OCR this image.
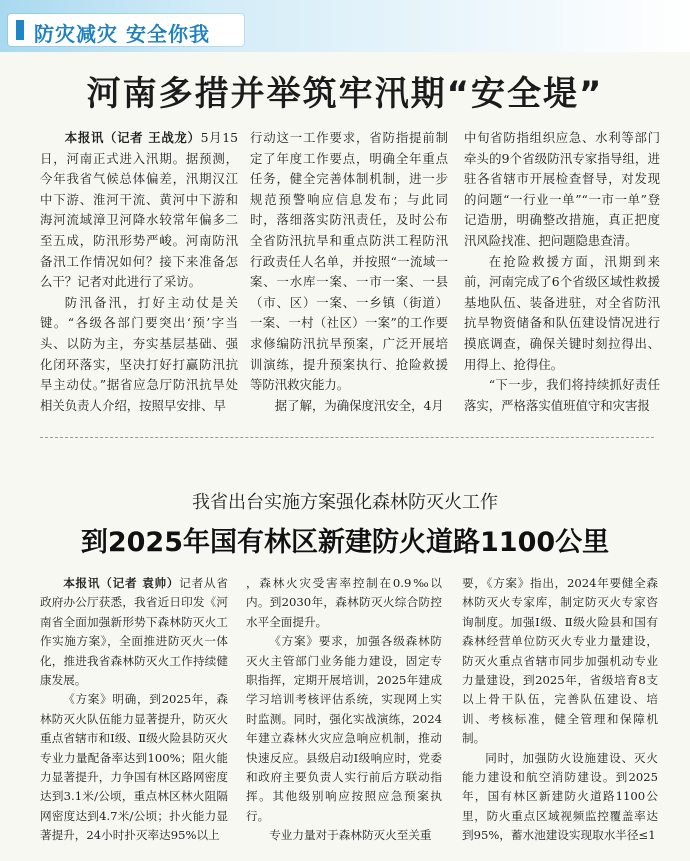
防灾减灾 安全你我
河南多措并举筑牢汛期“安全堤”

本报讯（记者 王战龙）5月15日，河南正式进入汛期。据预测，今年我省气候总体偏差，汛期汉江中下游、淮河干流、黄河中下游和海河流域漳卫河降水较常年偏多二至五成，防汛形势严峻。河南防汛备汛工作情况如何？接下来准备怎么干？记者对此进行了采访。

防汛备汛，打好主动仗是关键。“各级各部门要突出‘预’字当头、以防为主，夯实基层基础、强化闭环落实，坚决打好打赢防汛抗旱主动仗。”据省应急厅防汛抗旱处相关负责人介绍，按照早安排、早

行动这一工作要求，省防指提前制定了年度工作要点，明确全年重点任务，健全完善体制机制，进一步规范预警响应信息发布；与此同时，落细落实防汛责任，及时公布全省防汛抗旱和重点防洪工程防汛行政责任人名单，并按照“一流域一案、一水库一案、一市一案、一县（市、区）一案、一乡镇（街道）一案、一村（社区）一案”的工作要求修编防汛抗旱预案，广泛开展培训演练，提升预案执行、抢险救援等防汛救灾能力。

据了解，为确保度汛安全，4月

中旬省防指组织应急、水利等部门牵头的9个省级防汛专家指导组，进驻各省辖市开展检查督导，对发现的问题“一行业一单”“一市一单”登记造册，明确整改措施，真正把度汛风险找准、把问题隐患查清。

在抢险救援方面，汛期到来前，河南完成了6个省级区域性救援基地队伍、装备进驻，对全省防汛抗旱物资储备和队伍建设情况进行摸底调查，确保关键时刻拉得出、用得上、抢得住。

“下一步，我们将持续抓好责任落实，严格落实值班值守和灾害报

我省出台实施方案强化森林防灭火工作
到2025年国有林区新建防火道路1100公里

本报讯（记者 袁帅）记者从省政府办公厅获悉，我省近日印发《河南省全面加强新形势下森林防灭火工作实施方案》，全面推进防灭火一体化，推进我省森林防灭火工作持续健康发展。

《方案》明确，到2025年，森林防灭火队伍能力显著提升，防灭火重点省辖市和Ⅰ级、Ⅱ级火险县防灭火专业力量配备率达到100%；阻火能力显著提升，力争国有林区路网密度达到3.1米/公顷，重点林区林火阻隔网密度达到4.7米/公顷；扑火能力显著提升，24小时扑灭率达95%以上

，森林火灾受害率控制在0.9‰以内。到2030年，森林防灭火综合防控水平全面提升。

《方案》要求，加强各级森林防灭火主管部门业务能力建设，固定专职指挥，定期开展培训，2025年建成学习培训考核评估系统，实现网上实时监测。同时，强化实战演练，2024年建立森林火灾应急响应机制，推动快速反应。县级启动Ⅰ级响应时，党委和政府主要负责人实行前后方联动指挥。其他级别响应按照应急预案执行。

专业力量对于森林防灭火至关重

要，《方案》指出，2024年要健全森林防灭火专家库，制定防灭火专家咨询制度。加强Ⅰ级、Ⅱ级火险县和国有森林经营单位防灭火专业力量建设，防灭火重点省辖市同步加强机动专业力量建设，到2025年，省级培育8支以上骨干队伍，完善队伍建设、培训、考核标准，健全管理和保障机制。

同时，加强防火设施建设、灭火能力建设和航空消防建设。到2025年，国有林区新建防火道路1100公里，防火重点区域视频监控覆盖率达到95%，蓄水池建设实现取水半径≤1
